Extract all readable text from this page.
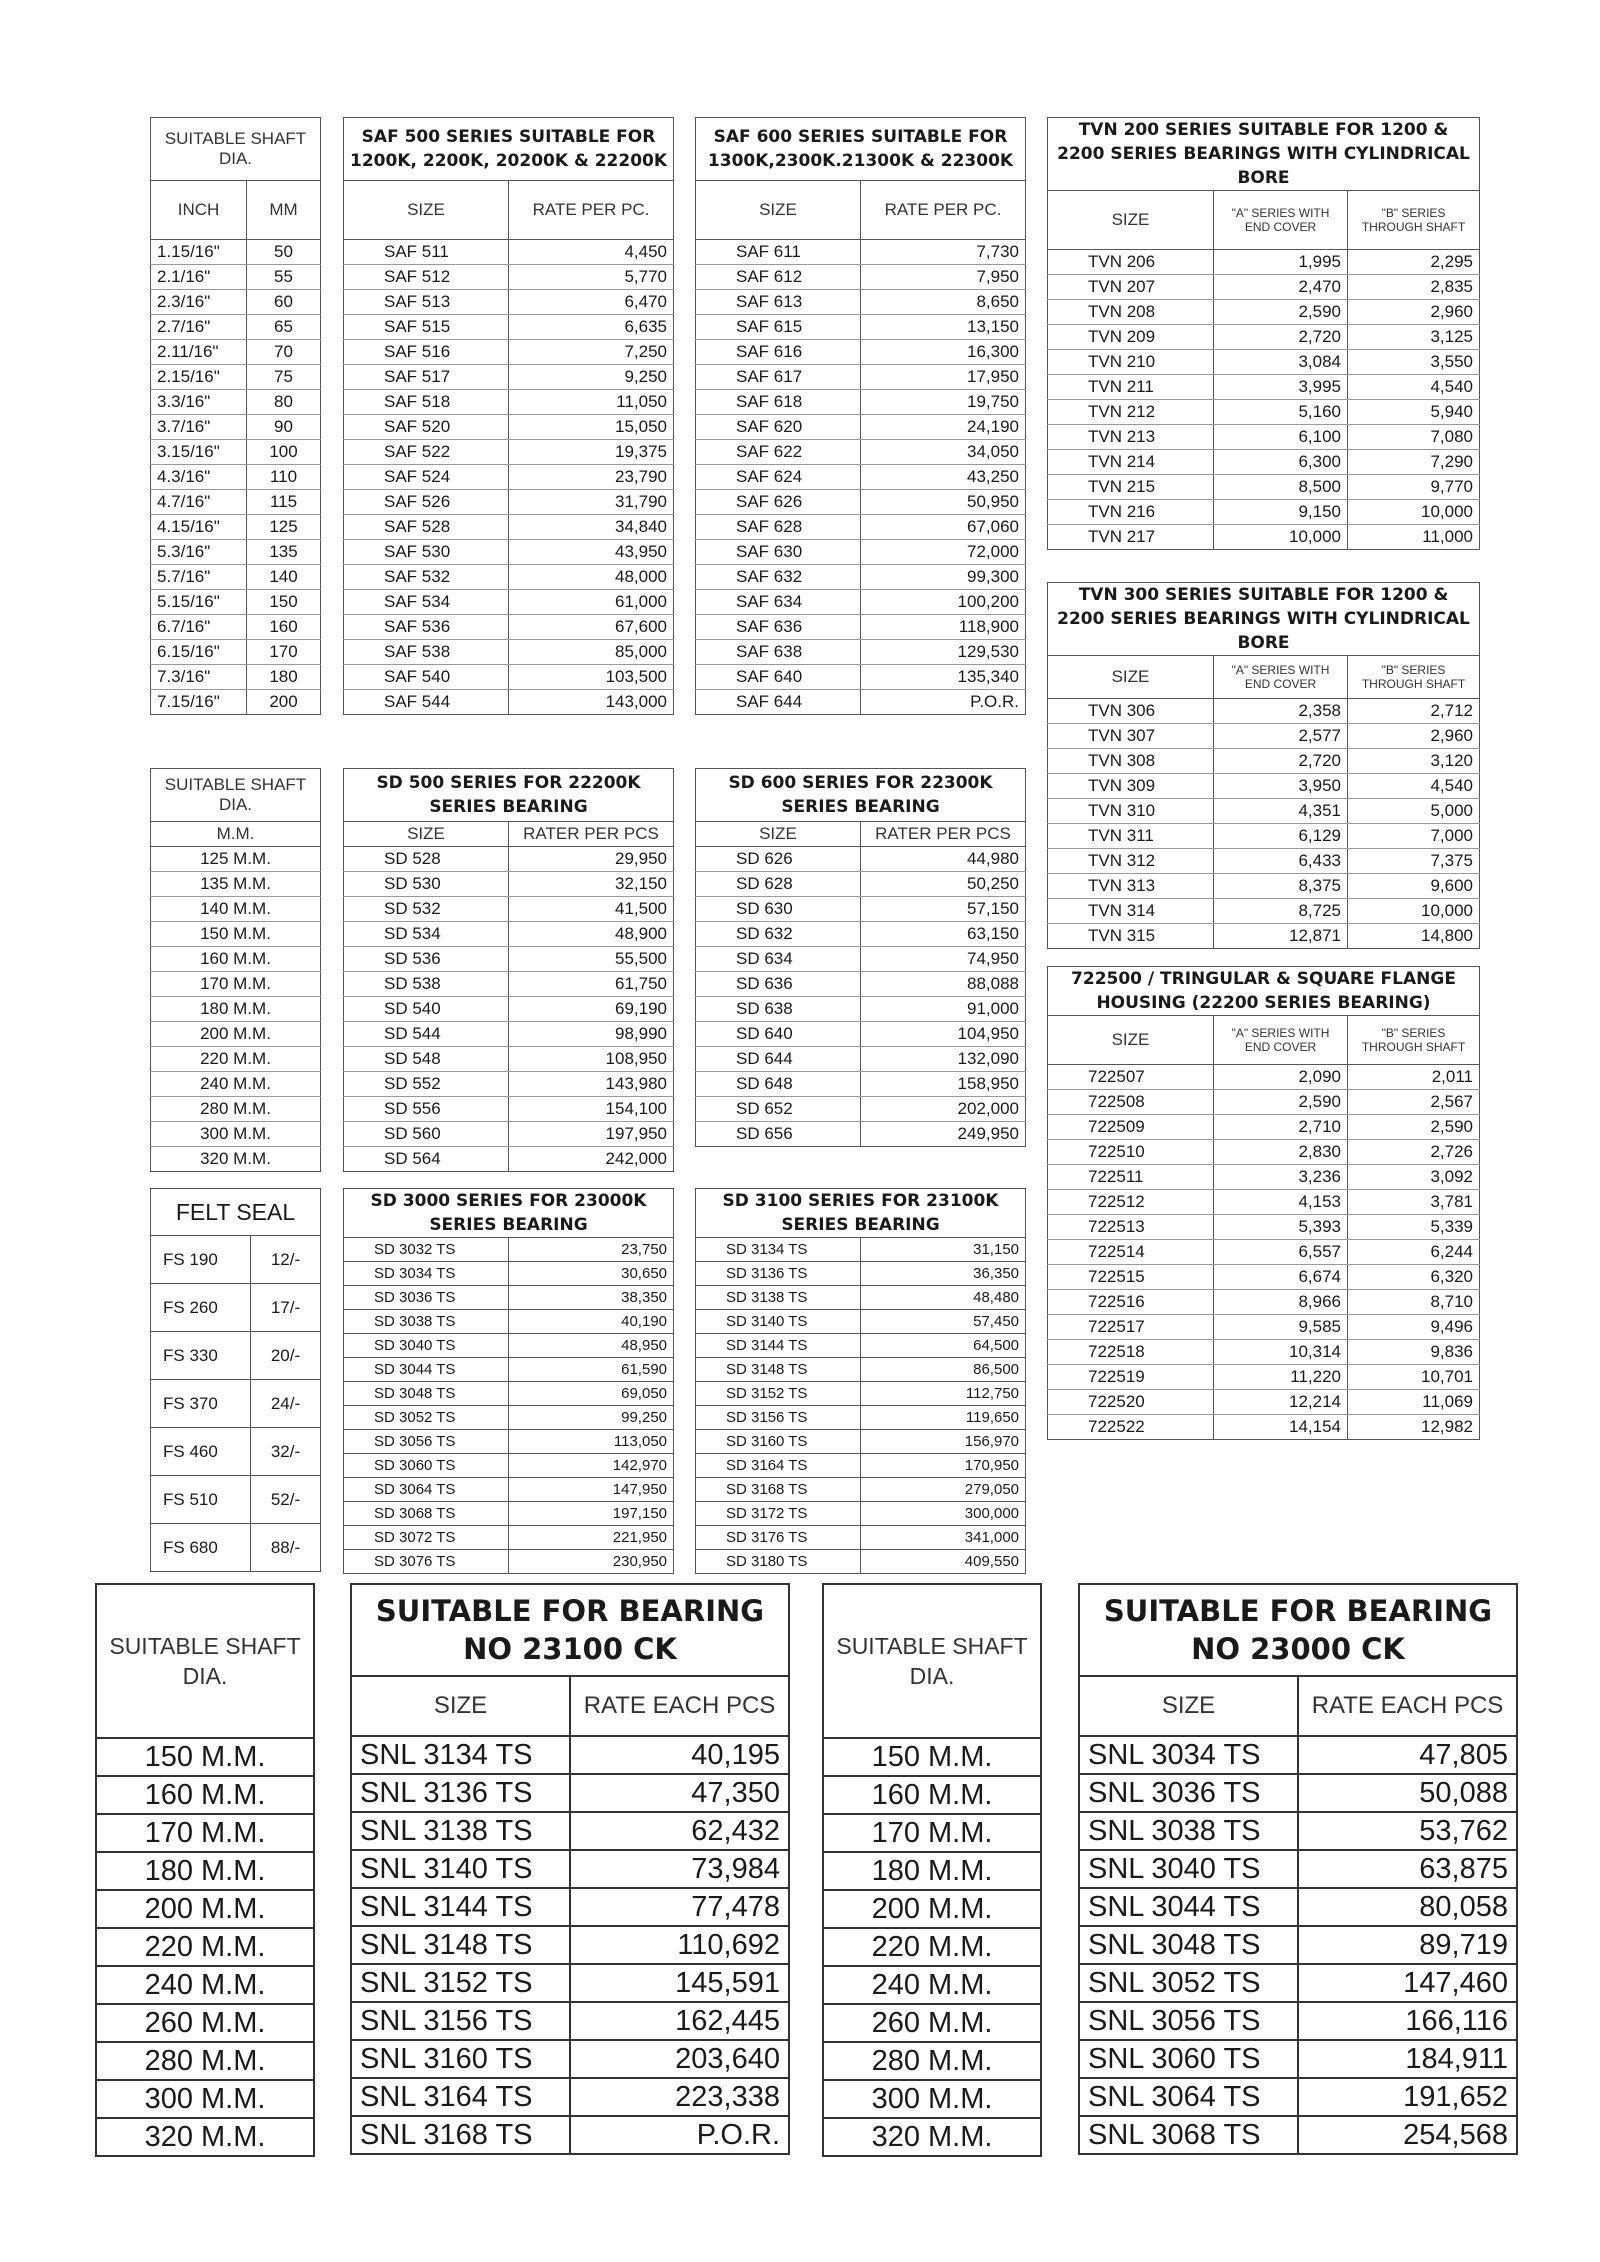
SUITABLE SHAFT DIA.	
INCH	MM
1.15/16"	50
2.1/16"	55
2.3/16"	60
2.7/16"	65
2.11/16"	70
2.15/16"	75
3.3/16"	80
3.7/16"	90
3.15/16"	100
4.3/16"	110
4.7/16"	115
4.15/16"	125
5.3/16"	135
5.7/16"	140
5.15/16"	150
6.7/16"	160
6.15/16"	170
7.3/16"	180
7.15/16"	200
SAF 500 SERIES SUITABLE FOR 1200K, 2200K, 20200K & 22200K	
SIZE	RATE PER PC.
SAF 511	4,450
SAF 512	5,770
SAF 513	6,470
SAF 515	6,635
SAF 516	7,250
SAF 517	9,250
SAF 518	11,050
SAF 520	15,050
SAF 522	19,375
SAF 524	23,790
SAF 526	31,790
SAF 528	34,840
SAF 530	43,950
SAF 532	48,000
SAF 534	61,000
SAF 536	67,600
SAF 538	85,000
SAF 540	103,500
SAF 544	143,000
SAF 600 SERIES SUITABLE FOR 1300K,2300K.21300K & 22300K	
SIZE	RATE PER PC.
SAF 611	7,730
SAF 612	7,950
SAF 613	8,650
SAF 615	13,150
SAF 616	16,300
SAF 617	17,950
SAF 618	19,750
SAF 620	24,190
SAF 622	34,050
SAF 624	43,250
SAF 626	50,950
SAF 628	67,060
SAF 630	72,000
SAF 632	99,300
SAF 634	100,200
SAF 636	118,900
SAF 638	129,530
SAF 640	135,340
SAF 644	P.O.R.
TVN 200 SERIES SUITABLE FOR 1200 & 2200 SERIES BEARINGS WITH CYLINDRICAL BORE		
SIZE	"A" SERIES WITH END COVER	"B" SERIES THROUGH SHAFT
TVN 206	1,995	2,295
TVN 207	2,470	2,835
TVN 208	2,590	2,960
TVN 209	2,720	3,125
TVN 210	3,084	3,550
TVN 211	3,995	4,540
TVN 212	5,160	5,940
TVN 213	6,100	7,080
TVN 214	6,300	7,290
TVN 215	8,500	9,770
TVN 216	9,150	10,000
TVN 217	10,000	11,000
TVN 300 SERIES SUITABLE FOR 1200 & 2200 SERIES BEARINGS WITH CYLINDRICAL BORE		
SIZE	"A" SERIES WITH END COVER	"B" SERIES THROUGH SHAFT
TVN 306	2,358	2,712
TVN 307	2,577	2,960
TVN 308	2,720	3,120
TVN 309	3,950	4,540
TVN 310	4,351	5,000
TVN 311	6,129	7,000
TVN 312	6,433	7,375
TVN 313	8,375	9,600
TVN 314	8,725	10,000
TVN 315	12,871	14,800
722500 / TRINGULAR & SQUARE FLANGE HOUSING (22200 SERIES BEARING)		
SIZE	"A" SERIES WITH END COVER	"B" SERIES THROUGH SHAFT
722507	2,090	2,011
722508	2,590	2,567
722509	2,710	2,590
722510	2,830	2,726
722511	3,236	3,092
722512	4,153	3,781
722513	5,393	5,339
722514	6,557	6,244
722515	6,674	6,320
722516	8,966	8,710
722517	9,585	9,496
722518	10,314	9,836
722519	11,220	10,701
722520	12,214	11,069
722522	14,154	12,982
SUITABLE SHAFT DIA.
M.M.
125 M.M.
135 M.M.
140 M.M.
150 M.M.
160 M.M.
170 M.M.
180 M.M.
200 M.M.
220 M.M.
240 M.M.
280 M.M.
300 M.M.
320 M.M.
SD 500 SERIES FOR 22200K SERIES BEARING	
SIZE	RATER PER PCS
SD 528	29,950
SD 530	32,150
SD 532	41,500
SD 534	48,900
SD 536	55,500
SD 538	61,750
SD 540	69,190
SD 544	98,990
SD 548	108,950
SD 552	143,980
SD 556	154,100
SD 560	197,950
SD 564	242,000
SD 600 SERIES FOR 22300K SERIES BEARING	
SIZE	RATER PER PCS
SD 626	44,980
SD 628	50,250
SD 630	57,150
SD 632	63,150
SD 634	74,950
SD 636	88,088
SD 638	91,000
SD 640	104,950
SD 644	132,090
SD 648	158,950
SD 652	202,000
SD 656	249,950
FELT SEAL	
FS 190	12/-
FS 260	17/-
FS 330	20/-
FS 370	24/-
FS 460	32/-
FS 510	52/-
FS 680	88/-
SD 3000 SERIES FOR 23000K SERIES BEARING	
SD 3032 TS	23,750
SD 3034 TS	30,650
SD 3036 TS	38,350
SD 3038 TS	40,190
SD 3040 TS	48,950
SD 3044 TS	61,590
SD 3048 TS	69,050
SD 3052 TS	99,250
SD 3056 TS	113,050
SD 3060 TS	142,970
SD 3064 TS	147,950
SD 3068 TS	197,150
SD 3072 TS	221,950
SD 3076 TS	230,950
SD 3100 SERIES FOR 23100K SERIES BEARING	
SD 3134 TS	31,150
SD 3136 TS	36,350
SD 3138 TS	48,480
SD 3140 TS	57,450
SD 3144 TS	64,500
SD 3148 TS	86,500
SD 3152 TS	112,750
SD 3156 TS	119,650
SD 3160 TS	156,970
SD 3164 TS	170,950
SD 3168 TS	279,050
SD 3172 TS	300,000
SD 3176 TS	341,000
SD 3180 TS	409,550
SUITABLE SHAFT DIA.
150 M.M.
160 M.M.
170 M.M.
180 M.M.
200 M.M.
220 M.M.
240 M.M.
260 M.M.
280 M.M.
300 M.M.
320 M.M.
SUITABLE FOR BEARING NO 23100 CK	
SIZE	RATE EACH PCS
SNL 3134 TS	40,195
SNL 3136 TS	47,350
SNL 3138 TS	62,432
SNL 3140 TS	73,984
SNL 3144 TS	77,478
SNL 3148 TS	110,692
SNL 3152 TS	145,591
SNL 3156 TS	162,445
SNL 3160 TS	203,640
SNL 3164 TS	223,338
SNL 3168 TS	P.O.R.
SUITABLE SHAFT DIA.
150 M.M.
160 M.M.
170 M.M.
180 M.M.
200 M.M.
220 M.M.
240 M.M.
260 M.M.
280 M.M.
300 M.M.
320 M.M.
SUITABLE FOR BEARING NO 23000 CK	
SIZE	RATE EACH PCS
SNL 3034 TS	47,805
SNL 3036 TS	50,088
SNL 3038 TS	53,762
SNL 3040 TS	63,875
SNL 3044 TS	80,058
SNL 3048 TS	89,719
SNL 3052 TS	147,460
SNL 3056 TS	166,116
SNL 3060 TS	184,911
SNL 3064 TS	191,652
SNL 3068 TS	254,568
